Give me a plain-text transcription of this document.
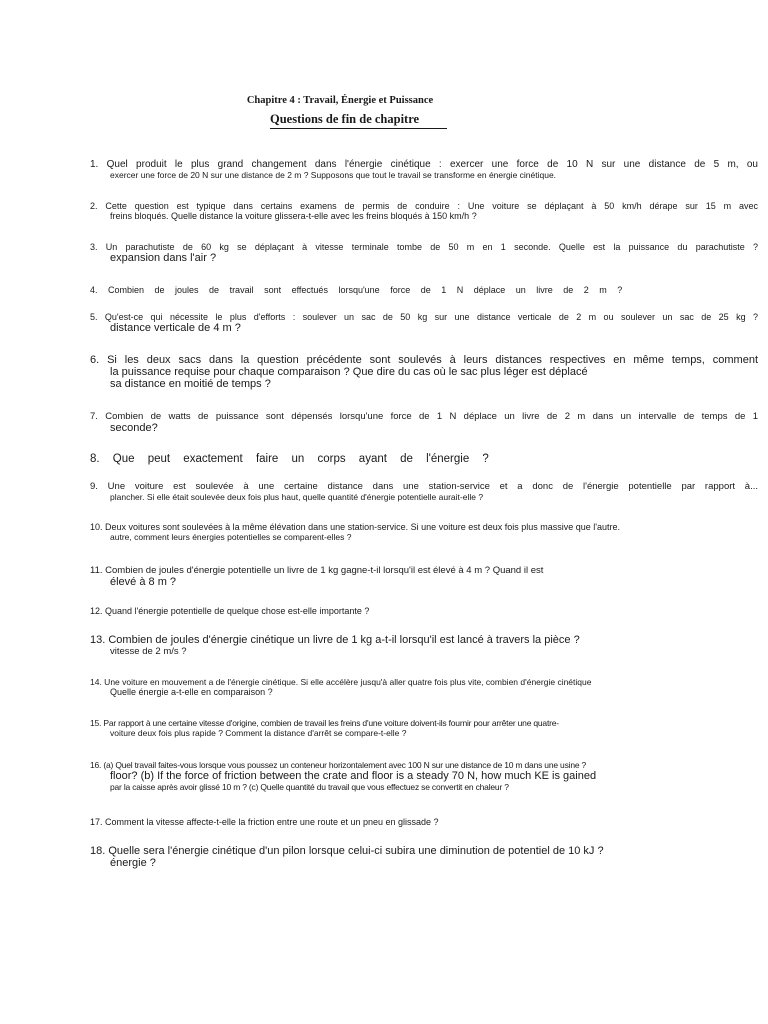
Chapitre 4 : Travail, Énergie et Puissance
Questions de fin de chapitre
1. Quel produit le plus grand changement dans l'énergie cinétique : exercer une force de 10 N sur une distance de 5 m, ou
exercer une force de 20 N sur une distance de 2 m ? Supposons que tout le travail se transforme en énergie cinétique.
2. Cette question est typique dans certains examens de permis de conduire : Une voiture se déplaçant à 50 km/h dérape sur 15 m avec
freins bloqués. Quelle distance la voiture glissera-t-elle avec les freins bloqués à 150 km/h ?
3. Un parachutiste de 60 kg se déplaçant à vitesse terminale tombe de 50 m en 1 seconde. Quelle est la puissance du parachutiste ?
expansion dans l'air ?
4. Combien de joules de travail sont effectués lorsqu'une force de 1 N déplace un livre de 2 m ?
5. Qu'est-ce qui nécessite le plus d'efforts : soulever un sac de 50 kg sur une distance verticale de 2 m ou soulever un sac de 25 kg ?
distance verticale de 4 m ?
6. Si les deux sacs dans la question précédente sont soulevés à leurs distances respectives en même temps, comment
la puissance requise pour chaque comparaison ? Que dire du cas où le sac plus léger est déplacé
sa distance en moitié de temps ?
7. Combien de watts de puissance sont dépensés lorsqu'une force de 1 N déplace un livre de 2 m dans un intervalle de temps de 1
seconde?
8. Que peut exactement faire un corps ayant de l'énergie ?
9. Une voiture est soulevée à une certaine distance dans une station-service et a donc de l'énergie potentielle par rapport à...
plancher. Si elle était soulevée deux fois plus haut, quelle quantité d'énergie potentielle aurait-elle ?
10. Deux voitures sont soulevées à la même élévation dans une station-service. Si une voiture est deux fois plus massive que l'autre.
autre, comment leurs énergies potentielles se comparent-elles ?
11. Combien de joules d'énergie potentielle un livre de 1 kg gagne-t-il lorsqu'il est élevé à 4 m ? Quand il est
élevé à 8 m ?
12. Quand l'énergie potentielle de quelque chose est-elle importante ?
13. Combien de joules d'énergie cinétique un livre de 1 kg a-t-il lorsqu'il est lancé à travers la pièce ?
vitesse de 2 m/s ?
14. Une voiture en mouvement a de l'énergie cinétique. Si elle accélère jusqu'à aller quatre fois plus vite, combien d'énergie cinétique
Quelle énergie a-t-elle en comparaison ?
15. Par rapport à une certaine vitesse d'origine, combien de travail les freins d'une voiture doivent-ils fournir pour arrêter une quatre-
voiture deux fois plus rapide ? Comment la distance d'arrêt se compare-t-elle ?
16. (a) Quel travail faites-vous lorsque vous poussez un conteneur horizontalement avec 100 N sur une distance de 10 m dans une usine ?
floor? (b) If the force of friction between the crate and floor is a steady 70 N, how much KE is gained
par la caisse après avoir glissé 10 m ? (c) Quelle quantité du travail que vous effectuez se convertit en chaleur ?
17. Comment la vitesse affecte-t-elle la friction entre une route et un pneu en glissade ?
18. Quelle sera l'énergie cinétique d'un pilon lorsque celui-ci subira une diminution de potentiel de 10 kJ ?
énergie ?
